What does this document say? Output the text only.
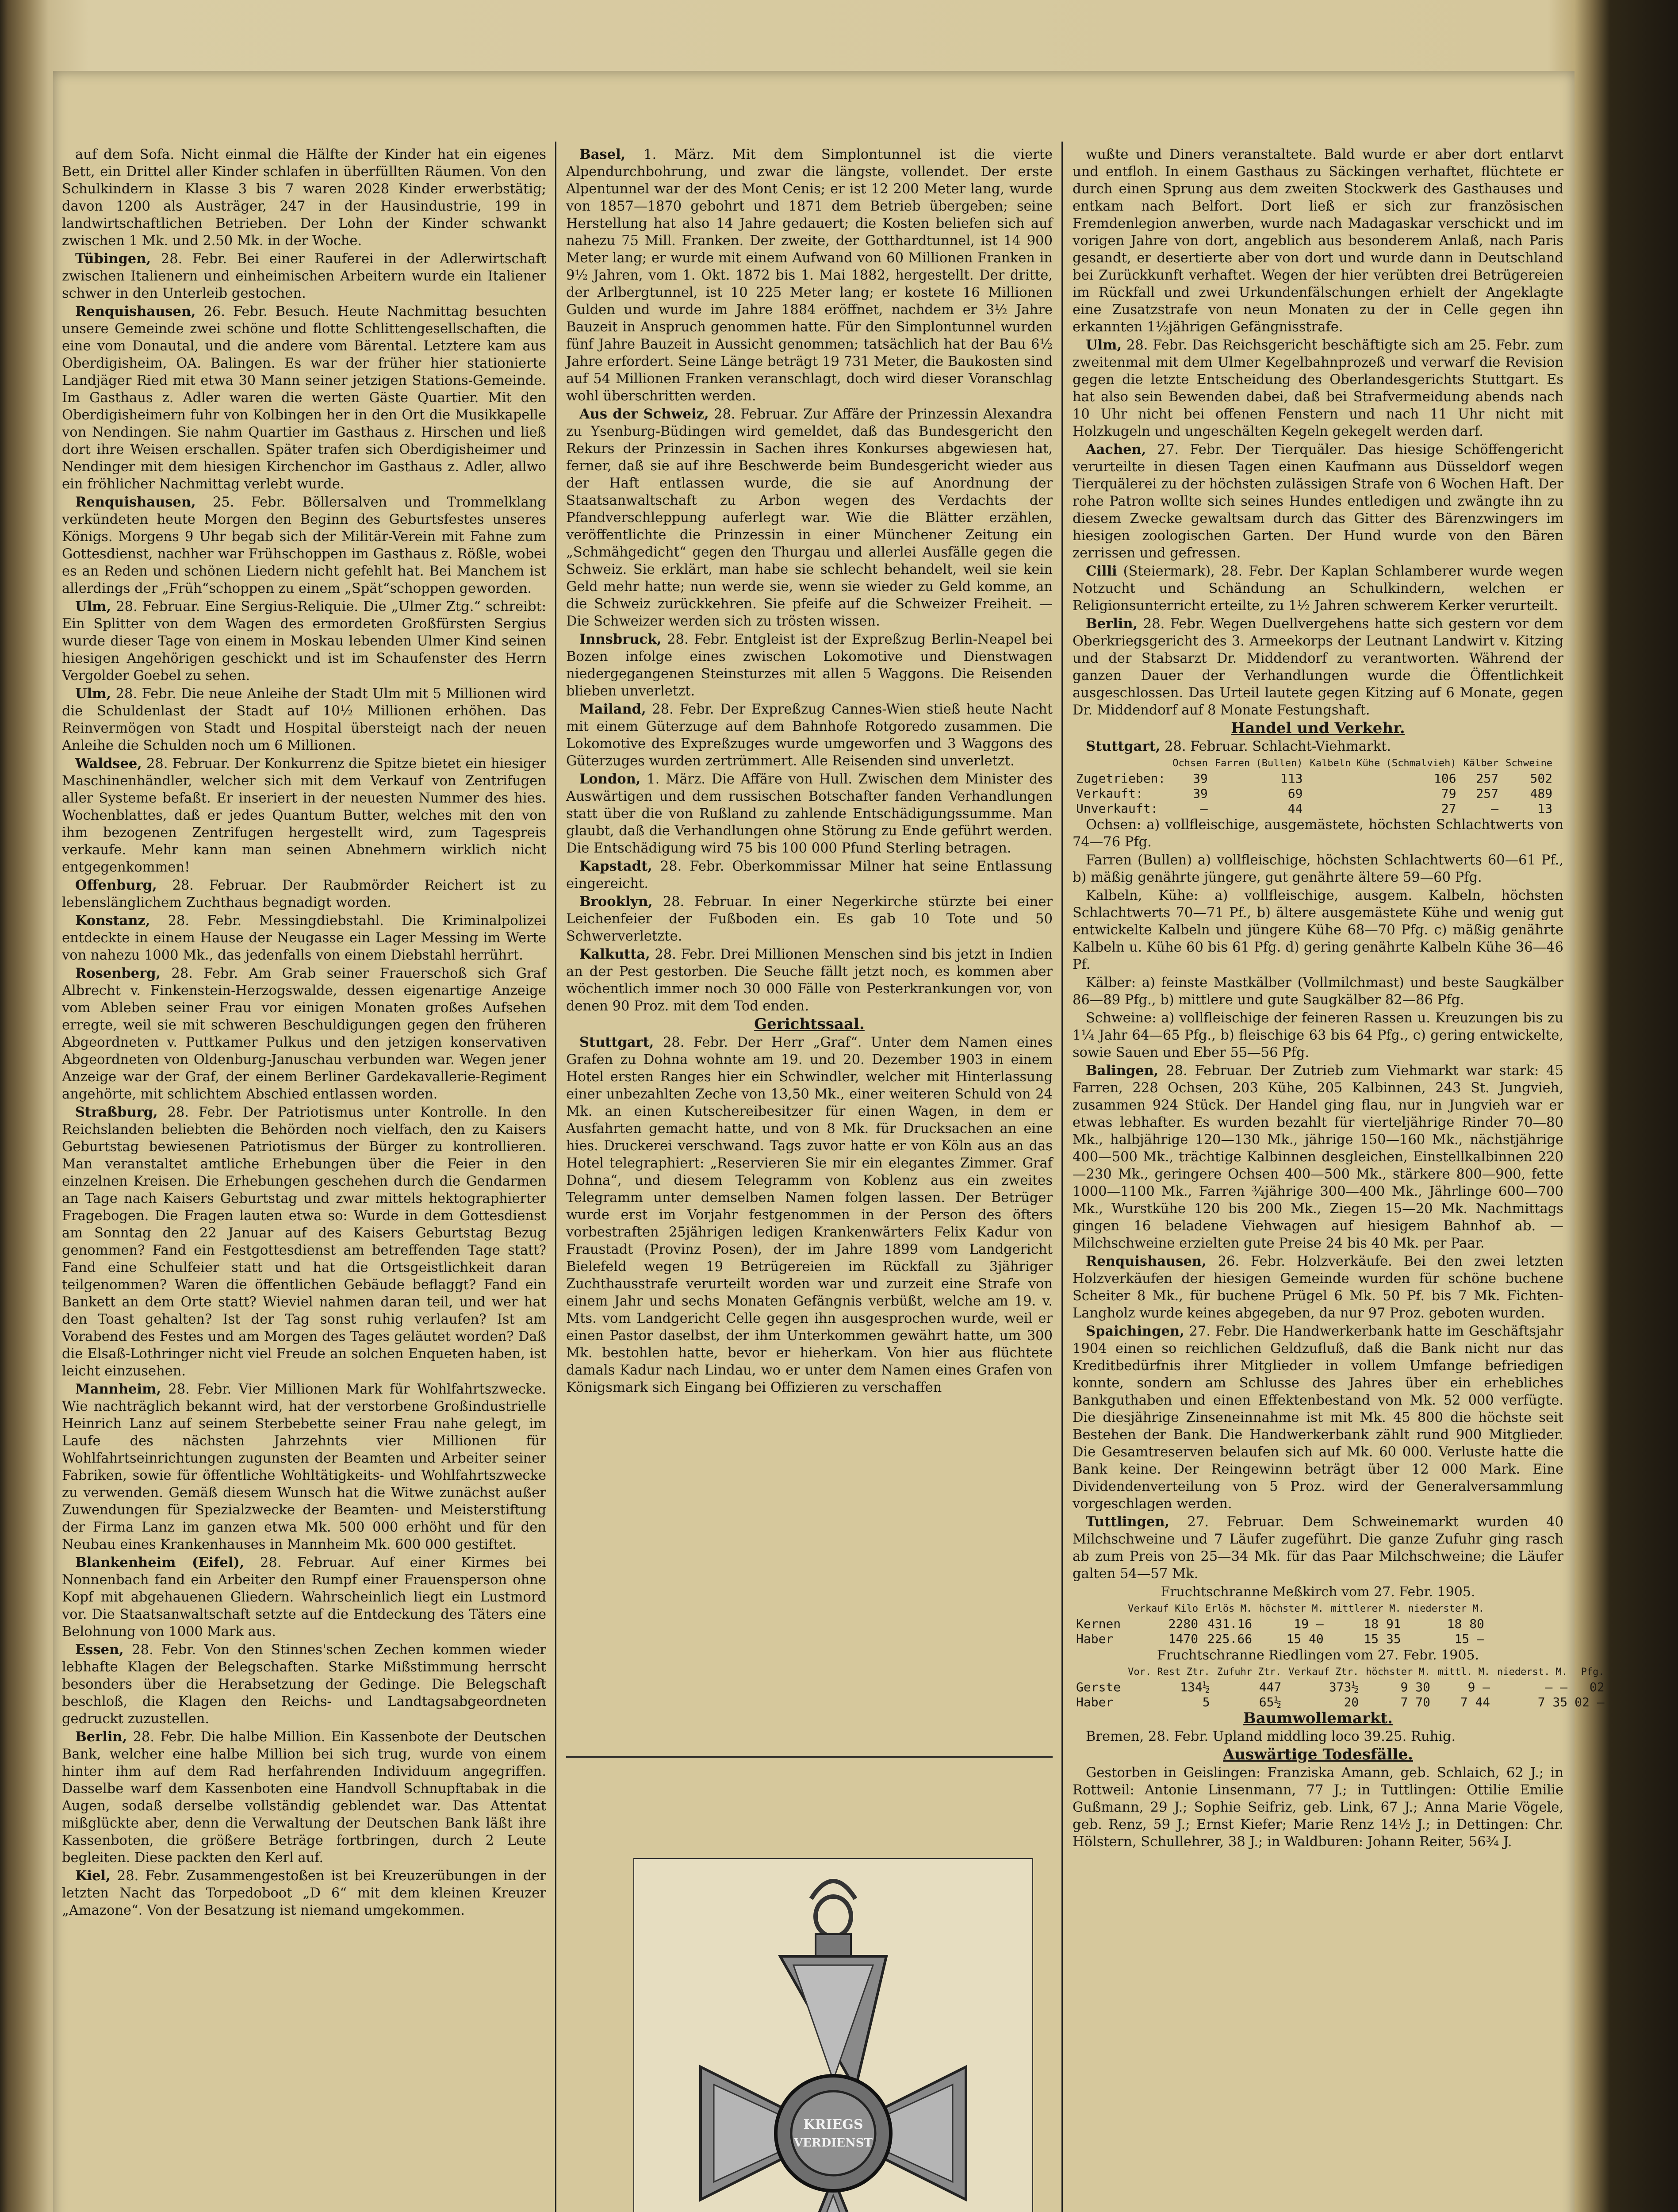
auf dem Sofa. Nicht einmal die Hälfte der Kinder hat ein eigenes Bett, ein Drittel aller Kinder schlafen in überfüllten Räumen. Von den Schulkindern in Klasse 3 bis 7 waren 2028 Kinder erwerbstätig; davon 1200 als Austräger, 247 in der Hausindustrie, 199 in landwirtschaftlichen Betrieben. Der Lohn der Kinder schwankt zwischen 1 Mk. und 2.50 Mk. in der Woche.

Tübingen, 28. Febr. Bei einer Rauferei in der Adlerwirtschaft zwischen Italienern und einheimischen Arbeitern wurde ein Italiener schwer in den Unterleib gestochen.

Renquishausen, 26. Febr. Besuch. Heute Nachmittag besuchten unsere Gemeinde zwei schöne und flotte Schlittengesellschaften, die eine vom Donautal, und die andere vom Bärental. Letztere kam aus Oberdigisheim, OA. Balingen. Es war der früher hier stationierte Landjäger Ried mit etwa 30 Mann seiner jetzigen Stations-Gemeinde. Im Gasthaus z. Adler waren die werten Gäste Quartier. Mit den Oberdigisheimern fuhr von Kolbingen her in den Ort die Musikkapelle von Nendingen. Sie nahm Quartier im Gasthaus z. Hirschen und ließ dort ihre Weisen erschallen. Später trafen sich Oberdigisheimer und Nendinger mit dem hiesigen Kirchenchor im Gasthaus z. Adler, allwo ein fröhlicher Nachmittag verlebt wurde.

Renquishausen, 25. Febr. Böllersalven und Trommelklang verkündeten heute Morgen den Beginn des Geburtsfestes unseres Königs. Morgens 9 Uhr begab sich der Militär-Verein mit Fahne zum Gottesdienst, nachher war Frühschoppen im Gasthaus z. Rößle, wobei es an Reden und schönen Liedern nicht gefehlt hat. Bei Manchem ist allerdings der „Früh“schoppen zu einem „Spät“schoppen geworden.

Ulm, 28. Februar. Eine Sergius-Reliquie. Die „Ulmer Ztg.“ schreibt: Ein Splitter von dem Wagen des ermordeten Großfürsten Sergius wurde dieser Tage von einem in Moskau lebenden Ulmer Kind seinen hiesigen Angehörigen geschickt und ist im Schaufenster des Herrn Vergolder Goebel zu sehen.

Ulm, 28. Febr. Die neue Anleihe der Stadt Ulm mit 5 Millionen wird die Schuldenlast der Stadt auf 10½ Millionen erhöhen. Das Reinvermögen von Stadt und Hospital übersteigt nach der neuen Anleihe die Schulden noch um 6 Millionen.

Waldsee, 28. Februar. Der Konkurrenz die Spitze bietet ein hiesiger Maschinenhändler, welcher sich mit dem Verkauf von Zentrifugen aller Systeme befaßt. Er inseriert in der neuesten Nummer des hies. Wochenblattes, daß er jedes Quantum Butter, welches mit den von ihm bezogenen Zentrifugen hergestellt wird, zum Tagespreis verkaufe. Mehr kann man seinen Abnehmern wirklich nicht entgegenkommen!

Offenburg, 28. Februar. Der Raubmörder Reichert ist zu lebenslänglichem Zuchthaus begnadigt worden.

Konstanz, 28. Febr. Messingdiebstahl. Die Kriminalpolizei entdeckte in einem Hause der Neugasse ein Lager Messing im Werte von nahezu 1000 Mk., das jedenfalls von einem Diebstahl herrührt.

Rosenberg, 28. Febr. Am Grab seiner Frauerschoß sich Graf Albrecht v. Finkenstein-Herzogswalde, dessen eigenartige Anzeige vom Ableben seiner Frau vor einigen Monaten großes Aufsehen erregte, weil sie mit schweren Beschuldigungen gegen den früheren Abgeordneten v. Puttkamer Pulkus und den jetzigen konservativen Abgeordneten von Oldenburg-Januschau verbunden war. Wegen jener Anzeige war der Graf, der einem Berliner Gardekavallerie-Regiment angehörte, mit schlichtem Abschied entlassen worden.

Straßburg, 28. Febr. Der Patriotismus unter Kontrolle. In den Reichslanden beliebten die Behörden noch vielfach, den zu Kaisers Geburtstag bewiesenen Patriotismus der Bürger zu kontrollieren. Man veranstaltet amtliche Erhebungen über die Feier in den einzelnen Kreisen. Die Erhebungen geschehen durch die Gendarmen an Tage nach Kaisers Geburtstag und zwar mittels hektographierter Fragebogen. Die Fragen lauten etwa so: Wurde in dem Gottesdienst am Sonntag den 22 Januar auf des Kaisers Geburtstag Bezug genommen? Fand ein Festgottesdienst am betreffenden Tage statt? Fand eine Schulfeier statt und hat die Ortsgeistlichkeit daran teilgenommen? Waren die öffentlichen Gebäude beflaggt? Fand ein Bankett an dem Orte statt? Wieviel nahmen daran teil, und wer hat den Toast gehalten? Ist der Tag sonst ruhig verlaufen? Ist am Vorabend des Festes und am Morgen des Tages geläutet worden? Daß die Elsaß-Lothringer nicht viel Freude an solchen Enqueten haben, ist leicht einzusehen.

Mannheim, 28. Febr. Vier Millionen Mark für Wohlfahrtszwecke. Wie nachträglich bekannt wird, hat der verstorbene Großindustrielle Heinrich Lanz auf seinem Sterbebette seiner Frau nahe gelegt, im Laufe des nächsten Jahrzehnts vier Millionen für Wohlfahrtseinrichtungen zugunsten der Beamten und Arbeiter seiner Fabriken, sowie für öffentliche Wohltätigkeits- und Wohlfahrtszwecke zu verwenden. Gemäß diesem Wunsch hat die Witwe zunächst außer Zuwendungen für Spezialzwecke der Beamten- und Meisterstiftung der Firma Lanz im ganzen etwa Mk. 500 000 erhöht und für den Neubau eines Krankenhauses in Mannheim Mk. 600 000 gestiftet.

Blankenheim (Eifel), 28. Februar. Auf einer Kirmes bei Nonnenbach fand ein Arbeiter den Rumpf einer Frauensperson ohne Kopf mit abgehauenen Gliedern. Wahrscheinlich liegt ein Lustmord vor. Die Staatsanwaltschaft setzte auf die Entdeckung des Täters eine Belohnung von 1000 Mark aus.

Essen, 28. Febr. Von den Stinnes'schen Zechen kommen wieder lebhafte Klagen der Belegschaften. Starke Mißstimmung herrscht besonders über die Herabsetzung der Gedinge. Die Belegschaft beschloß, die Klagen den Reichs- und Landtagsabgeordneten gedruckt zuzustellen.

Berlin, 28. Febr. Die halbe Million. Ein Kassenbote der Deutschen Bank, welcher eine halbe Million bei sich trug, wurde von einem hinter ihm auf dem Rad herfahrenden Individuum angegriffen. Dasselbe warf dem Kassenboten eine Handvoll Schnupftabak in die Augen, sodaß derselbe vollständig geblendet war. Das Attentat mißglückte aber, denn die Verwaltung der Deutschen Bank läßt ihre Kassenboten, die größere Beträge fortbringen, durch 2 Leute begleiten. Diese packten den Kerl auf.

Kiel, 28. Febr. Zusammengestoßen ist bei Kreuzerübungen in der letzten Nacht das Torpedoboot „D 6“ mit dem kleinen Kreuzer „Amazone“. Von der Besatzung ist niemand umgekommen.

Basel, 1. März. Mit dem Simplontunnel ist die vierte Alpendurchbohrung, und zwar die längste, vollendet. Der erste Alpentunnel war der des Mont Cenis; er ist 12 200 Meter lang, wurde von 1857—1870 gebohrt und 1871 dem Betrieb übergeben; seine Herstellung hat also 14 Jahre gedauert; die Kosten beliefen sich auf nahezu 75 Mill. Franken. Der zweite, der Gotthardtunnel, ist 14 900 Meter lang; er wurde mit einem Aufwand von 60 Millionen Franken in 9½ Jahren, vom 1. Okt. 1872 bis 1. Mai 1882, hergestellt. Der dritte, der Arlbergtunnel, ist 10 225 Meter lang; er kostete 16 Millionen Gulden und wurde im Jahre 1884 eröffnet, nachdem er 3½ Jahre Bauzeit in Anspruch genommen hatte. Für den Simplontunnel wurden fünf Jahre Bauzeit in Aussicht genommen; tatsächlich hat der Bau 6½ Jahre erfordert. Seine Länge beträgt 19 731 Meter, die Baukosten sind auf 54 Millionen Franken veranschlagt, doch wird dieser Voranschlag wohl überschritten werden.

Aus der Schweiz, 28. Februar. Zur Affäre der Prinzessin Alexandra zu Ysenburg-Büdingen wird gemeldet, daß das Bundesgericht den Rekurs der Prinzessin in Sachen ihres Konkurses abgewiesen hat, ferner, daß sie auf ihre Beschwerde beim Bundesgericht wieder aus der Haft entlassen wurde, die sie auf Anordnung der Staatsanwaltschaft zu Arbon wegen des Verdachts der Pfandverschleppung auferlegt war. Wie die Blätter erzählen, veröffentlichte die Prinzessin in einer Münchener Zeitung ein „Schmähgedicht“ gegen den Thurgau und allerlei Ausfälle gegen die Schweiz. Sie erklärt, man habe sie schlecht behandelt, weil sie kein Geld mehr hatte; nun werde sie, wenn sie wieder zu Geld komme, an die Schweiz zurückkehren. Sie pfeife auf die Schweizer Freiheit. — Die Schweizer werden sich zu trösten wissen.

Innsbruck, 28. Febr. Entgleist ist der Expreßzug Berlin-Neapel bei Bozen infolge eines zwischen Lokomotive und Dienstwagen niedergegangenen Steinsturzes mit allen 5 Waggons. Die Reisenden blieben unverletzt.

Mailand, 28. Febr. Der Expreßzug Cannes-Wien stieß heute Nacht mit einem Güterzuge auf dem Bahnhofe Rotgoredo zusammen. Die Lokomotive des Expreßzuges wurde umgeworfen und 3 Waggons des Güterzuges wurden zertrümmert. Alle Reisenden sind unverletzt.

London, 1. März. Die Affäre von Hull. Zwischen dem Minister des Auswärtigen und dem russischen Botschafter fanden Verhandlungen statt über die von Rußland zu zahlende Entschädigungssumme. Man glaubt, daß die Verhandlungen ohne Störung zu Ende geführt werden. Die Entschädigung wird 75 bis 100 000 Pfund Sterling betragen.

Kapstadt, 28. Febr. Oberkommissar Milner hat seine Entlassung eingereicht.

Brooklyn, 28. Februar. In einer Negerkirche stürzte bei einer Leichenfeier der Fußboden ein. Es gab 10 Tote und 50 Schwerverletzte.

Kalkutta, 28. Febr. Drei Millionen Menschen sind bis jetzt in Indien an der Pest gestorben. Die Seuche fällt jetzt noch, es kommen aber wöchentlich immer noch 30 000 Fälle von Pesterkrankungen vor, von denen 90 Proz. mit dem Tod enden.

Gerichtssaal.

Stuttgart, 28. Febr. Der Herr „Graf“. Unter dem Namen eines Grafen zu Dohna wohnte am 19. und 20. Dezember 1903 in einem Hotel ersten Ranges hier ein Schwindler, welcher mit Hinterlassung einer unbezahlten Zeche von 13,50 Mk., einer weiteren Schuld von 24 Mk. an einen Kutschereibesitzer für einen Wagen, in dem er Ausfahrten gemacht hatte, und von 8 Mk. für Drucksachen an eine hies. Druckerei verschwand. Tags zuvor hatte er von Köln aus an das Hotel telegraphiert: „Reservieren Sie mir ein elegantes Zimmer. Graf Dohna“, und diesem Telegramm von Koblenz aus ein zweites Telegramm unter demselben Namen folgen lassen. Der Betrüger wurde erst im Vorjahr festgenommen in der Person des öfters vorbestraften 25jährigen ledigen Krankenwärters Felix Kadur von Fraustadt (Provinz Posen), der im Jahre 1899 vom Landgericht Bielefeld wegen 19 Betrügereien im Rückfall zu 3jähriger Zuchthausstrafe verurteilt worden war und zurzeit eine Strafe von einem Jahr und sechs Monaten Gefängnis verbüßt, welche am 19. v. Mts. vom Landgericht Celle gegen ihn ausgesprochen wurde, weil er einen Pastor daselbst, der ihm Unterkommen gewährt hatte, um 300 Mk. bestohlen hatte, bevor er hieherkam. Von hier aus flüchtete damals Kadur nach Lindau, wo er unter dem Namen eines Grafen von Königsmark sich Eingang bei Offizieren zu verschaffen

wußte und Diners veranstaltete. Bald wurde er aber dort entlarvt und entfloh. In einem Gasthaus zu Säckingen verhaftet, flüchtete er durch einen Sprung aus dem zweiten Stockwerk des Gasthauses und entkam nach Belfort. Dort ließ er sich zur französischen Fremdenlegion anwerben, wurde nach Madagaskar verschickt und im vorigen Jahre von dort, angeblich aus besonderem Anlaß, nach Paris gesandt, er desertierte aber von dort und wurde dann in Deutschland bei Zurückkunft verhaftet. Wegen der hier verübten drei Betrügereien im Rückfall und zwei Urkundenfälschungen erhielt der Angeklagte eine Zusatzstrafe von neun Monaten zu der in Celle gegen ihn erkannten 1½jährigen Gefängnisstrafe.

Ulm, 28. Febr. Das Reichsgericht beschäftigte sich am 25. Febr. zum zweitenmal mit dem Ulmer Kegelbahnprozeß und verwarf die Revision gegen die letzte Entscheidung des Oberlandesgerichts Stuttgart. Es hat also sein Bewenden dabei, daß bei Strafvermeidung abends nach 10 Uhr nicht bei offenen Fenstern und nach 11 Uhr nicht mit Holzkugeln und ungeschälten Kegeln gekegelt werden darf.

Aachen, 27. Febr. Der Tierquäler. Das hiesige Schöffengericht verurteilte in diesen Tagen einen Kaufmann aus Düsseldorf wegen Tierquälerei zu der höchsten zulässigen Strafe von 6 Wochen Haft. Der rohe Patron wollte sich seines Hundes entledigen und zwängte ihn zu diesem Zwecke gewaltsam durch das Gitter des Bärenzwingers im hiesigen zoologischen Garten. Der Hund wurde von den Bären zerrissen und gefressen.

Cilli (Steiermark), 28. Febr. Der Kaplan Schlamberer wurde wegen Notzucht und Schändung an Schulkindern, welchen er Religionsunterricht erteilte, zu 1½ Jahren schwerem Kerker verurteilt.

Berlin, 28. Febr. Wegen Duellvergehens hatte sich gestern vor dem Oberkriegsgericht des 3. Armeekorps der Leutnant Landwirt v. Kitzing und der Stabsarzt Dr. Middendorf zu verantworten. Während der ganzen Dauer der Verhandlungen wurde die Öffentlichkeit ausgeschlossen. Das Urteil lautete gegen Kitzing auf 6 Monate, gegen Dr. Middendorf auf 8 Monate Festungshaft.

Handel und Verkehr.

Stuttgart, 28. Februar. Schlacht-Viehmarkt.

	Ochsen	Farren (Bullen)	Kalbeln Kühe (Schmalvieh)	Kälber	Schweine
Zugetrieben:	39	113	106	257	502
Verkauft:	39	69	79	257	489
Unverkauft:	—	44	27	—	13

Ochsen: a) vollfleischige, ausgemästete, höchsten Schlachtwerts von 74—76 Pfg.

Farren (Bullen) a) vollfleischige, höchsten Schlachtwerts 60—61 Pf., b) mäßig genährte jüngere, gut genährte ältere 59—60 Pfg.

Kalbeln, Kühe: a) vollfleischige, ausgem. Kalbeln, höchsten Schlachtwerts 70—71 Pf., b) ältere ausgemästete Kühe und wenig gut entwickelte Kalbeln und jüngere Kühe 68—70 Pfg. c) mäßig genährte Kalbeln u. Kühe 60 bis 61 Pfg. d) gering genährte Kalbeln Kühe 36—46 Pf.

Kälber: a) feinste Mastkälber (Vollmilchmast) und beste Saugkälber 86—89 Pfg., b) mittlere und gute Saugkälber 82—86 Pfg.

Schweine: a) vollfleischige der feineren Rassen u. Kreuzungen bis zu 1¼ Jahr 64—65 Pfg., b) fleischige 63 bis 64 Pfg., c) gering entwickelte, sowie Sauen und Eber 55—56 Pfg.

Balingen, 28. Februar. Der Zutrieb zum Viehmarkt war stark: 45 Farren, 228 Ochsen, 203 Kühe, 205 Kalbinnen, 243 St. Jungvieh, zusammen 924 Stück. Der Handel ging flau, nur in Jungvieh war er etwas lebhafter. Es wurden bezahlt für vierteljährige Rinder 70—80 Mk., halbjährige 120—130 Mk., jährige 150—160 Mk., nächstjährige 400—500 Mk., trächtige Kalbinnen desgleichen, Einstellkalbinnen 220—230 Mk., geringere Ochsen 400—500 Mk., stärkere 800—900, fette 1000—1100 Mk., Farren ¾jährige 300—400 Mk., Jährlinge 600—700 Mk., Wurstkühe 120 bis 200 Mk., Ziegen 15—20 Mk. Nachmittags gingen 16 beladene Viehwagen auf hiesigem Bahnhof ab. — Milchschweine erzielten gute Preise 24 bis 40 Mk. per Paar.

Renquishausen, 26. Febr. Holzverkäufe. Bei den zwei letzten Holzverkäufen der hiesigen Gemeinde wurden für schöne buchene Scheiter 8 Mk., für buchene Prügel 6 Mk. 50 Pf. bis 7 Mk. Fichten-Langholz wurde keines abgegeben, da nur 97 Proz. geboten wurden.

Spaichingen, 27. Febr. Die Handwerkerbank hatte im Geschäftsjahr 1904 einen so reichlichen Geldzufluß, daß die Bank nicht nur das Kreditbedürfnis ihrer Mitglieder in vollem Umfange befriedigen konnte, sondern am Schlusse des Jahres über ein erhebliches Bankguthaben und einen Effektenbestand von Mk. 52 000 verfügte. Die diesjährige Zinseneinnahme ist mit Mk. 45 800 die höchste seit Bestehen der Bank. Die Handwerkerbank zählt rund 900 Mitglieder. Die Gesamtreserven belaufen sich auf Mk. 60 000. Verluste hatte die Bank keine. Der Reingewinn beträgt über 12 000 Mark. Eine Dividendenverteilung von 5 Proz. wird der Generalversammlung vorgeschlagen werden.

Tuttlingen, 27. Februar. Dem Schweinemarkt wurden 40 Milchschweine und 7 Läufer zugeführt. Die ganze Zufuhr ging rasch ab zum Preis von 25—34 Mk. für das Paar Milchschweine; die Läufer galten 54—57 Mk.

Fruchtschranne Meßkirch vom 27. Febr. 1905.

	Verkauf Kilo	Erlös M.	höchster M.	mittlerer M.	niederster M.
Kernen	2280	431.16	19 —	18 91	18 80
Haber	1470	225.66	15 40	15 35	15 —

Fruchtschranne Riedlingen vom 27. Febr. 1905.

	Vor. Rest Ztr.	Zufuhr Ztr.	Verkauf Ztr.	höchster M.	mittl. M.	niederst. M.	Pfg.
Gerste	134½	447	373½	9 30	9 —	— —	02
Haber	5	65½	20	7 70	7 44	7 35	02 —

Baumwollemarkt.

Bremen, 28. Febr. Upland middling loco 39.25. Ruhig.

Auswärtige Todesfälle.

Gestorben in Geislingen: Franziska Amann, geb. Schlaich, 62 J.; in Rottweil: Antonie Linsenmann, 77 J.; in Tuttlingen: Ottilie Emilie Gußmann, 29 J.; Sophie Seifriz, geb. Link, 67 J.; Anna Marie Vögele, geb. Renz, 59 J.; Ernst Kiefer; Marie Renz 14½ J.; in Dettingen: Chr. Hölstern, Schullehrer, 38 J.; in Waldburen: Johann Reiter, 56¾ J.

KRIEGS
VERDIENST
